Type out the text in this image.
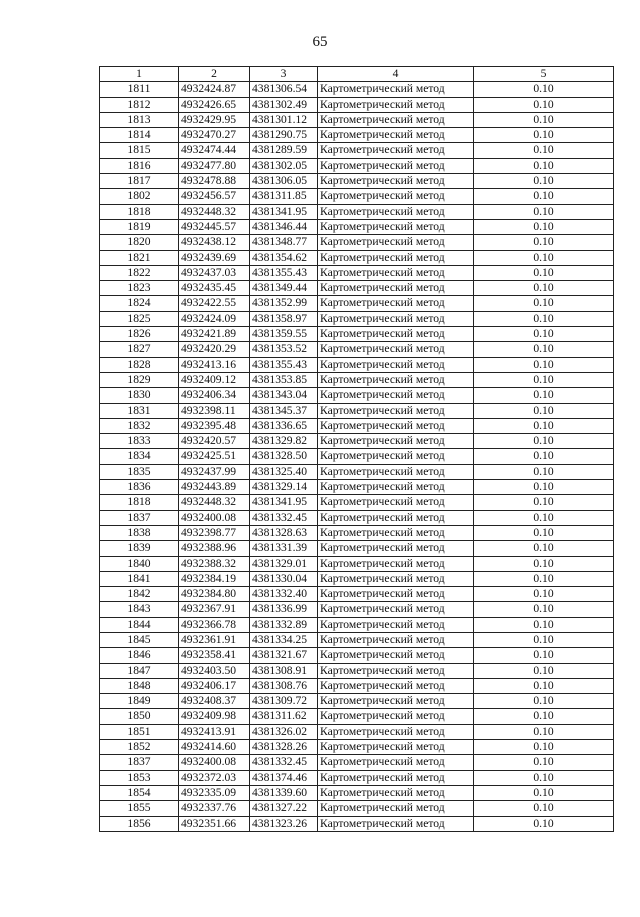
65
1	2	3	4	5
1811	4932424.87	4381306.54	Картометрический метод	0.10
1812	4932426.65	4381302.49	Картометрический метод	0.10
1813	4932429.95	4381301.12	Картометрический метод	0.10
1814	4932470.27	4381290.75	Картометрический метод	0.10
1815	4932474.44	4381289.59	Картометрический метод	0.10
1816	4932477.80	4381302.05	Картометрический метод	0.10
1817	4932478.88	4381306.05	Картометрический метод	0.10
1802	4932456.57	4381311.85	Картометрический метод	0.10
1818	4932448.32	4381341.95	Картометрический метод	0.10
1819	4932445.57	4381346.44	Картометрический метод	0.10
1820	4932438.12	4381348.77	Картометрический метод	0.10
1821	4932439.69	4381354.62	Картометрический метод	0.10
1822	4932437.03	4381355.43	Картометрический метод	0.10
1823	4932435.45	4381349.44	Картометрический метод	0.10
1824	4932422.55	4381352.99	Картометрический метод	0.10
1825	4932424.09	4381358.97	Картометрический метод	0.10
1826	4932421.89	4381359.55	Картометрический метод	0.10
1827	4932420.29	4381353.52	Картометрический метод	0.10
1828	4932413.16	4381355.43	Картометрический метод	0.10
1829	4932409.12	4381353.85	Картометрический метод	0.10
1830	4932406.34	4381343.04	Картометрический метод	0.10
1831	4932398.11	4381345.37	Картометрический метод	0.10
1832	4932395.48	4381336.65	Картометрический метод	0.10
1833	4932420.57	4381329.82	Картометрический метод	0.10
1834	4932425.51	4381328.50	Картометрический метод	0.10
1835	4932437.99	4381325.40	Картометрический метод	0.10
1836	4932443.89	4381329.14	Картометрический метод	0.10
1818	4932448.32	4381341.95	Картометрический метод	0.10
1837	4932400.08	4381332.45	Картометрический метод	0.10
1838	4932398.77	4381328.63	Картометрический метод	0.10
1839	4932388.96	4381331.39	Картометрический метод	0.10
1840	4932388.32	4381329.01	Картометрический метод	0.10
1841	4932384.19	4381330.04	Картометрический метод	0.10
1842	4932384.80	4381332.40	Картометрический метод	0.10
1843	4932367.91	4381336.99	Картометрический метод	0.10
1844	4932366.78	4381332.89	Картометрический метод	0.10
1845	4932361.91	4381334.25	Картометрический метод	0.10
1846	4932358.41	4381321.67	Картометрический метод	0.10
1847	4932403.50	4381308.91	Картометрический метод	0.10
1848	4932406.17	4381308.76	Картометрический метод	0.10
1849	4932408.37	4381309.72	Картометрический метод	0.10
1850	4932409.98	4381311.62	Картометрический метод	0.10
1851	4932413.91	4381326.02	Картометрический метод	0.10
1852	4932414.60	4381328.26	Картометрический метод	0.10
1837	4932400.08	4381332.45	Картометрический метод	0.10
1853	4932372.03	4381374.46	Картометрический метод	0.10
1854	4932335.09	4381339.60	Картометрический метод	0.10
1855	4932337.76	4381327.22	Картометрический метод	0.10
1856	4932351.66	4381323.26	Картометрический метод	0.10
